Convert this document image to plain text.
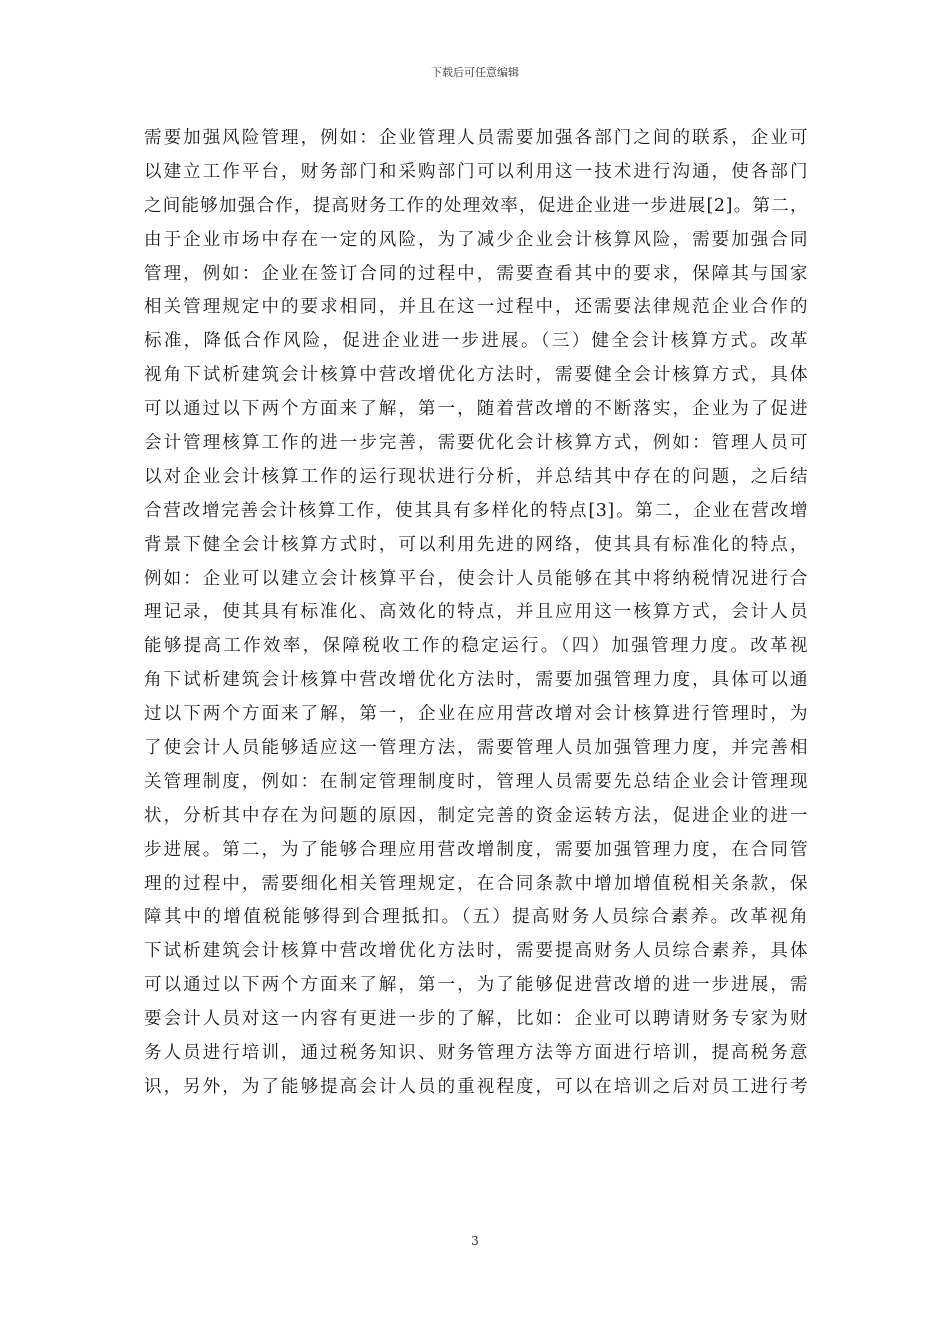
下载后可任意编辑
需要加强风险管理，例如：企业管理人员需要加强各部门之间的联系，企业可
以建立工作平台，财务部门和采购部门可以利用这一技术进行沟通，使各部门
之间能够加强合作，提高财务工作的处理效率，促进企业进一步进展[2]。第二，
由于企业市场中存在一定的风险，为了减少企业会计核算风险，需要加强合同
管理，例如：企业在签订合同的过程中，需要查看其中的要求，保障其与国家
相关管理规定中的要求相同，并且在这一过程中，还需要法律规范企业合作的
标准，降低合作风险，促进企业进一步进展。（三）健全会计核算方式。改革
视角下试析建筑会计核算中营改增优化方法时，需要健全会计核算方式，具体
可以通过以下两个方面来了解，第一，随着营改增的不断落实，企业为了促进
会计管理核算工作的进一步完善，需要优化会计核算方式，例如：管理人员可
以对企业会计核算工作的运行现状进行分析，并总结其中存在的问题，之后结
合营改增完善会计核算工作，使其具有多样化的特点[3]。第二，企业在营改增
背景下健全会计核算方式时，可以利用先进的网络，使其具有标准化的特点，
例如：企业可以建立会计核算平台，使会计人员能够在其中将纳税情况进行合
理记录，使其具有标准化、高效化的特点，并且应用这一核算方式，会计人员
能够提高工作效率，保障税收工作的稳定运行。（四）加强管理力度。改革视
角下试析建筑会计核算中营改增优化方法时，需要加强管理力度，具体可以通
过以下两个方面来了解，第一，企业在应用营改增对会计核算进行管理时，为
了使会计人员能够适应这一管理方法，需要管理人员加强管理力度，并完善相
关管理制度，例如：在制定管理制度时，管理人员需要先总结企业会计管理现
状，分析其中存在为问题的原因，制定完善的资金运转方法，促进企业的进一
步进展。第二，为了能够合理应用营改增制度，需要加强管理力度，在合同管
理的过程中，需要细化相关管理规定，在合同条款中增加增值税相关条款，保
障其中的增值税能够得到合理抵扣。（五）提高财务人员综合素养。改革视角
下试析建筑会计核算中营改增优化方法时，需要提高财务人员综合素养，具体
可以通过以下两个方面来了解，第一，为了能够促进营改增的进一步进展，需
要会计人员对这一内容有更进一步的了解，比如：企业可以聘请财务专家为财
务人员进行培训，通过税务知识、财务管理方法等方面进行培训，提高税务意
识，另外，为了能够提高会计人员的重视程度，可以在培训之后对员工进行考
3
